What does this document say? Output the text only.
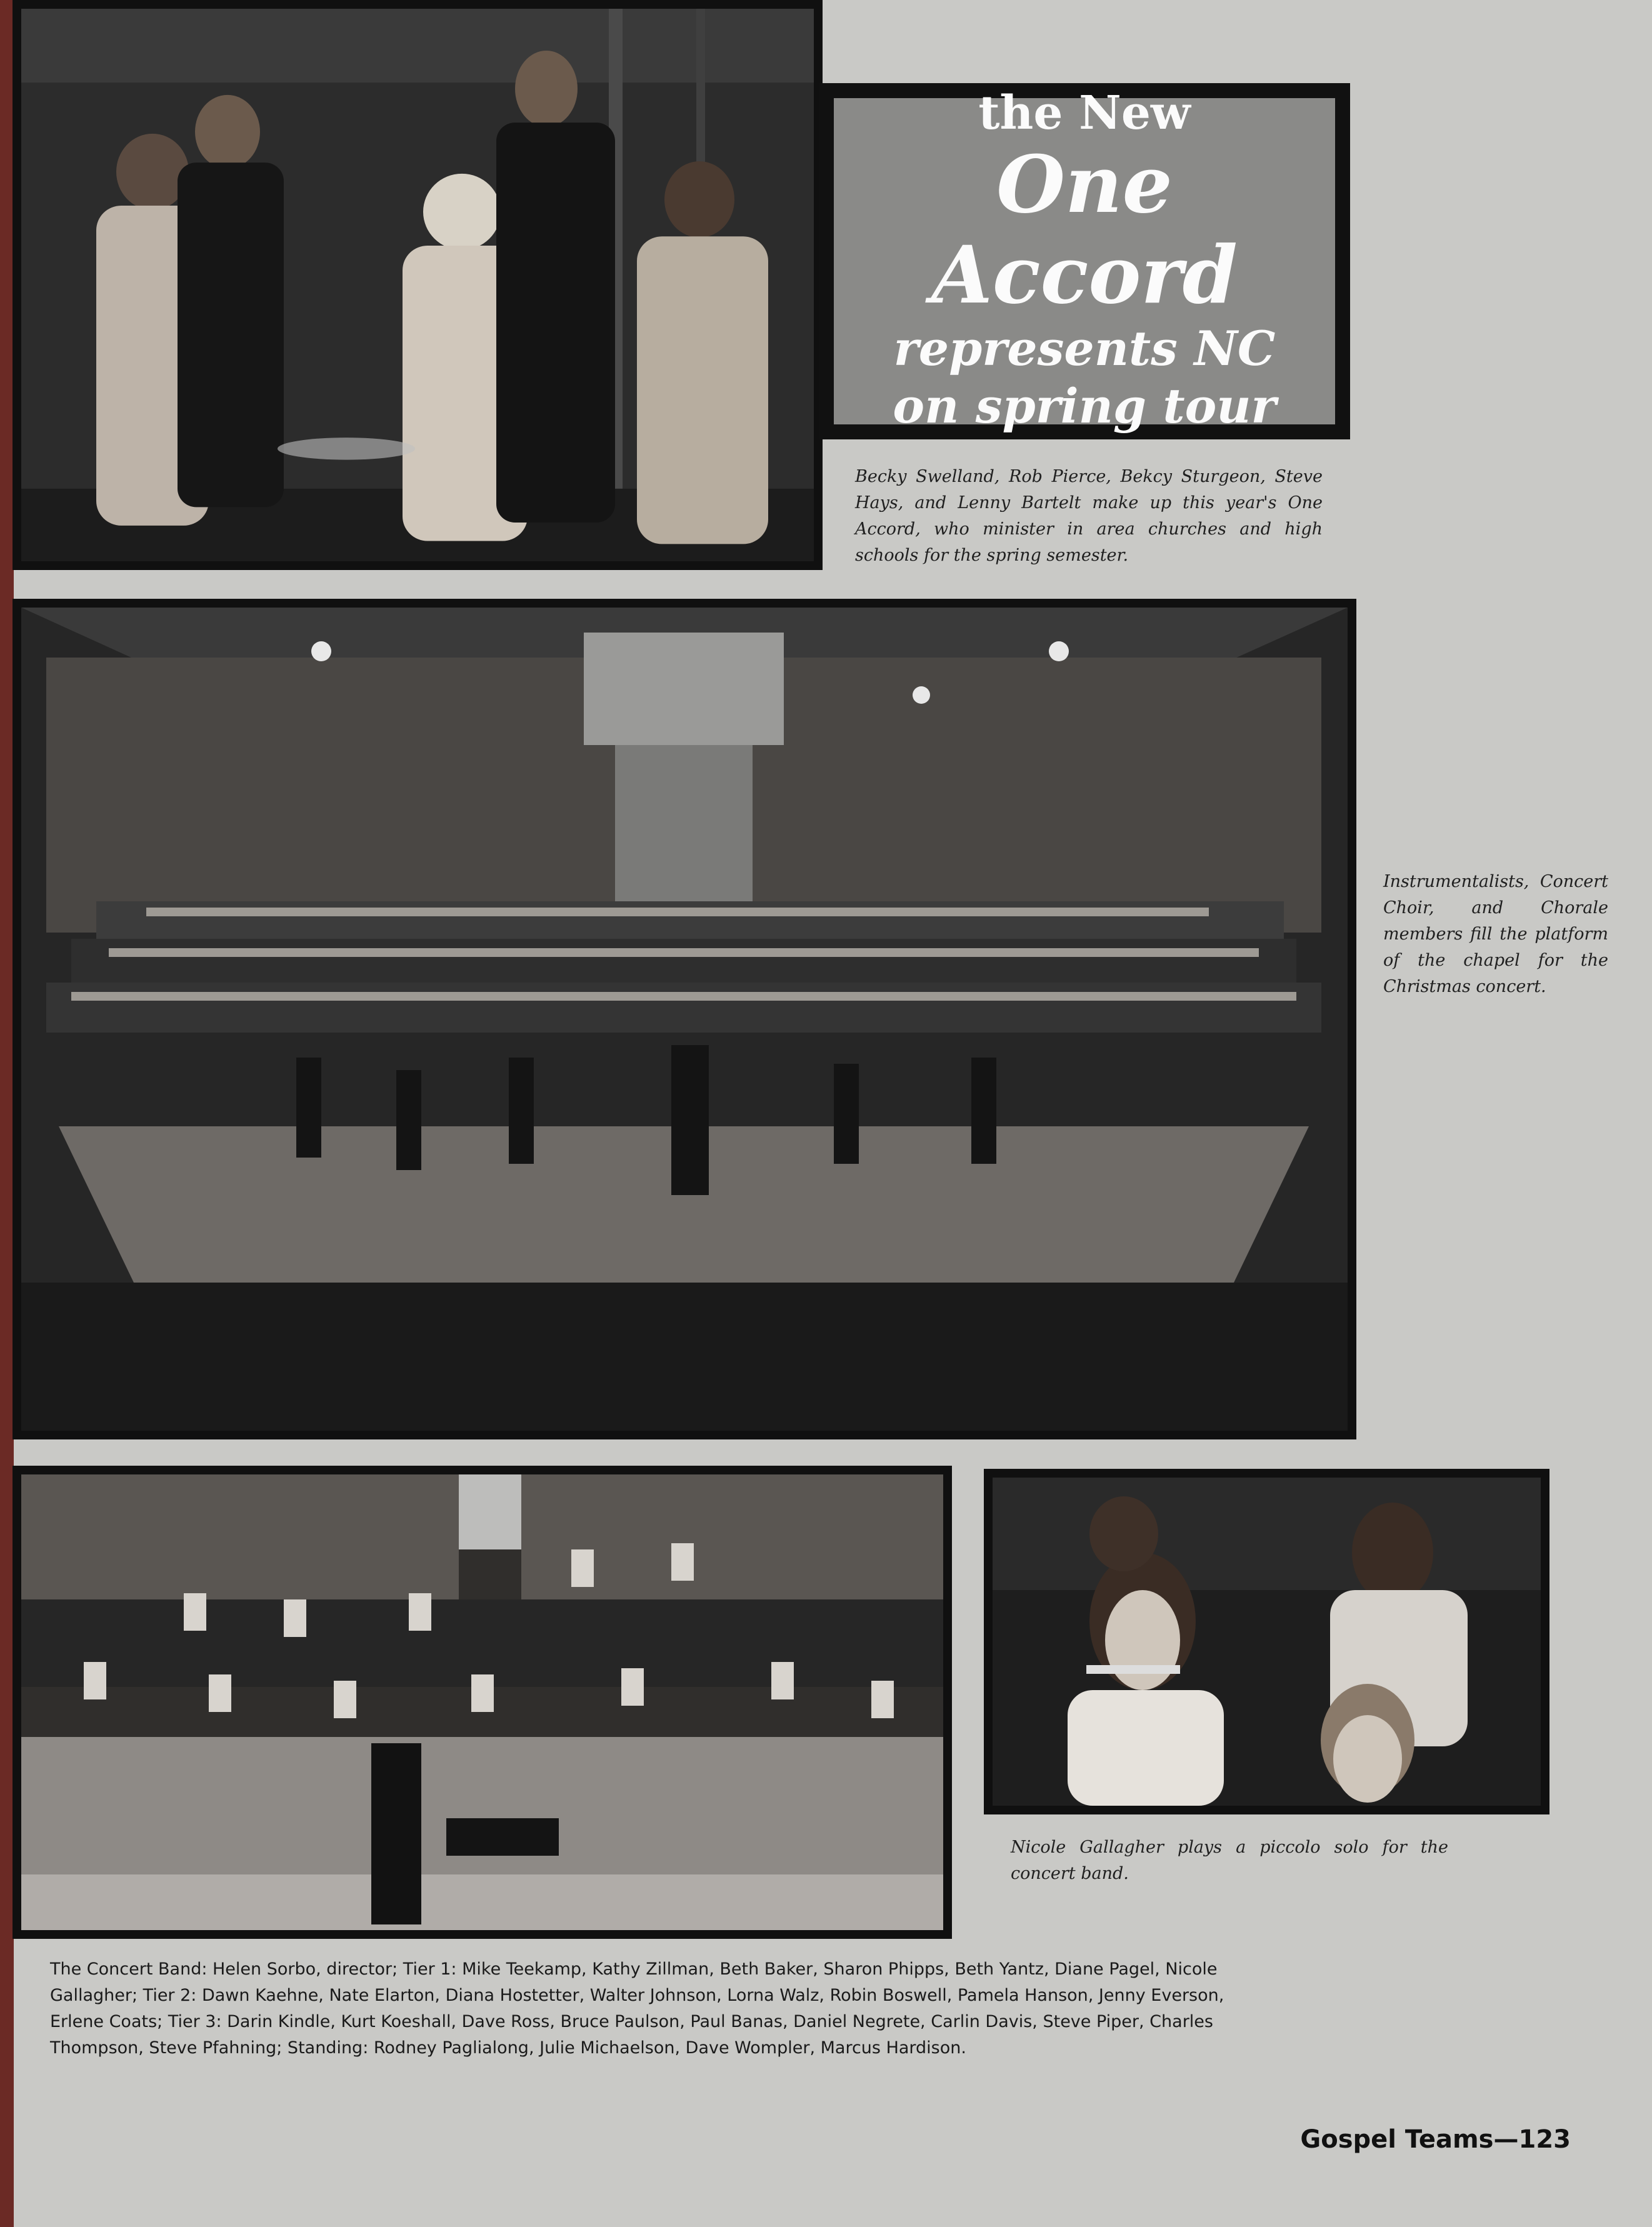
the New
One Accord
represents NC
on spring tour
Becky Swelland, Rob Pierce, Bekcy Sturgeon, Steve Hays, and Lenny Bartelt make up this year's One Accord, who minister in area churches and high schools for the spring semester.
Instrumentalists, Concert Choir, and Chorale members fill the platform of the chapel for the Christmas concert.
The Concert Band: Helen Sorbo, director; Tier 1: Mike Teekamp, Kathy Zillman, Beth Baker, Sharon Phipps, Beth Yantz, Diane Pagel, Nicole Gallagher; Tier 2: Dawn Kaehne, Nate Elarton, Diana Hostetter, Walter Johnson, Lorna Walz, Robin Boswell, Pamela Hanson, Jenny Everson, Erlene Coats; Tier 3: Darin Kindle, Kurt Koeshall, Dave Ross, Bruce Paulson, Paul Banas, Daniel Negrete, Carlin Davis, Steve Piper, Charles Thompson, Steve Pfahning; Standing: Rodney Paglialong, Julie Michaelson, Dave Wompler, Marcus Hardison.
Nicole Gallagher plays a piccolo solo for the concert band.
Gospel Teams—123
